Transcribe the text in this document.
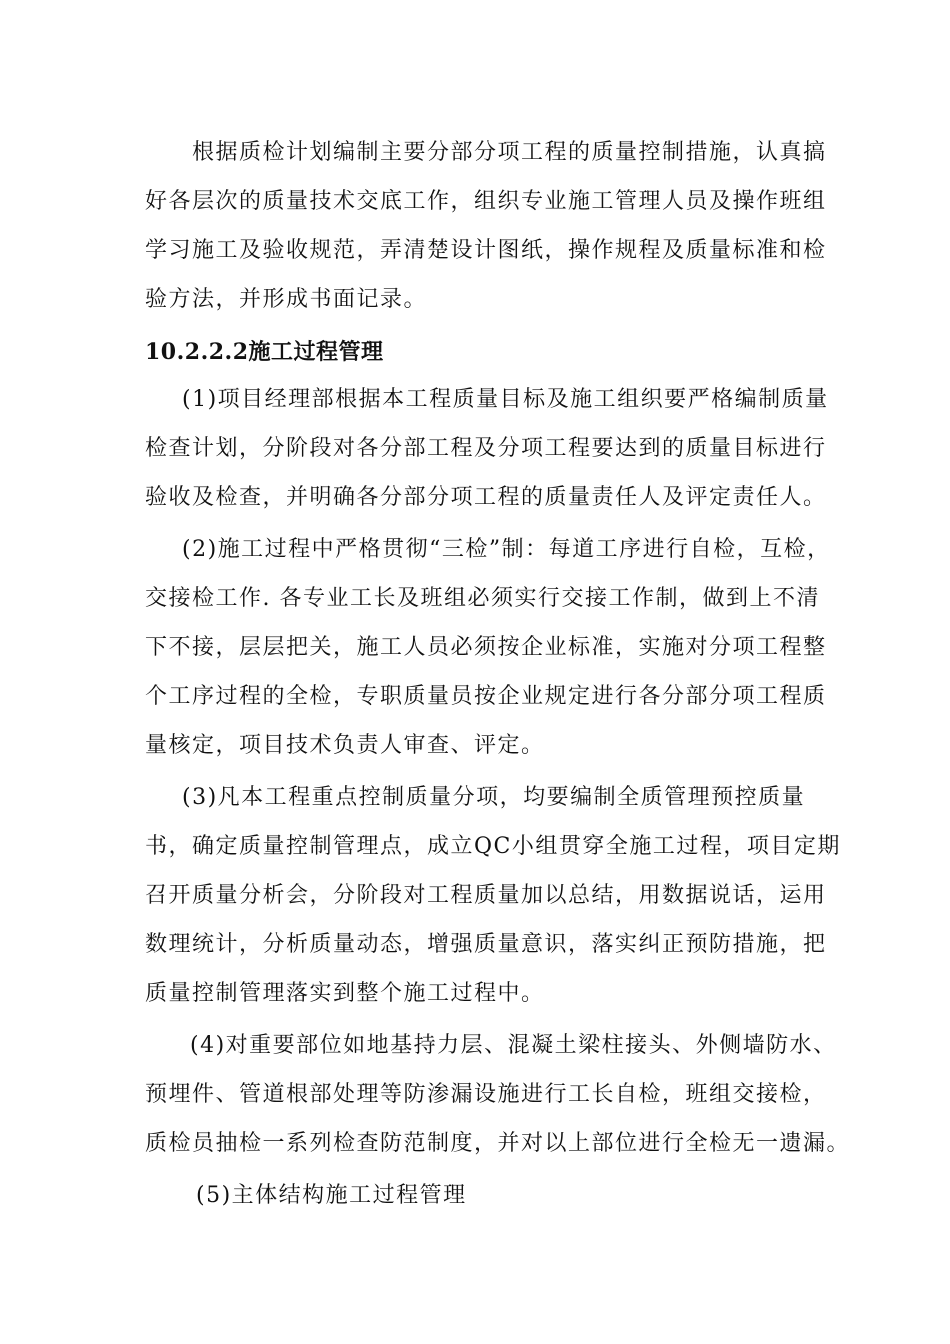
根据质检计划编制主要分部分项工程的质量控制措施，认真搞
好各层次的质量技术交底工作，组织专业施工管理人员及操作班组
学习施工及验收规范，弄清楚设计图纸，操作规程及质量标准和检
验方法，并形成书面记录。
10.2.2.2施工过程管理
(1)项目经理部根据本工程质量目标及施工组织要严格编制质量
检查计划，分阶段对各分部工程及分项工程要达到的质量目标进行
验收及检查，并明确各分部分项工程的质量责任人及评定责任人。
(2)施工过程中严格贯彻“三检”制：每道工序进行自检，互检，
交接检工作. 各专业工长及班组必须实行交接工作制，做到上不清
下不接，层层把关，施工人员必须按企业标准，实施对分项工程整
个工序过程的全检，专职质量员按企业规定进行各分部分项工程质
量核定，项目技术负责人审查、评定。
(3)凡本工程重点控制质量分项，均要编制全质管理预控质量
书，确定质量控制管理点，成立QC小组贯穿全施工过程，项目定期
召开质量分析会，分阶段对工程质量加以总结，用数据说话，运用
数理统计，分析质量动态，增强质量意识，落实纠正预防措施，把
质量控制管理落实到整个施工过程中。
(4)对重要部位如地基持力层、混凝土梁柱接头、外侧墙防水、
预埋件、管道根部处理等防渗漏设施进行工长自检，班组交接检，
质检员抽检一系列检查防范制度，并对以上部位进行全检无一遗漏。
(5)主体结构施工过程管理
